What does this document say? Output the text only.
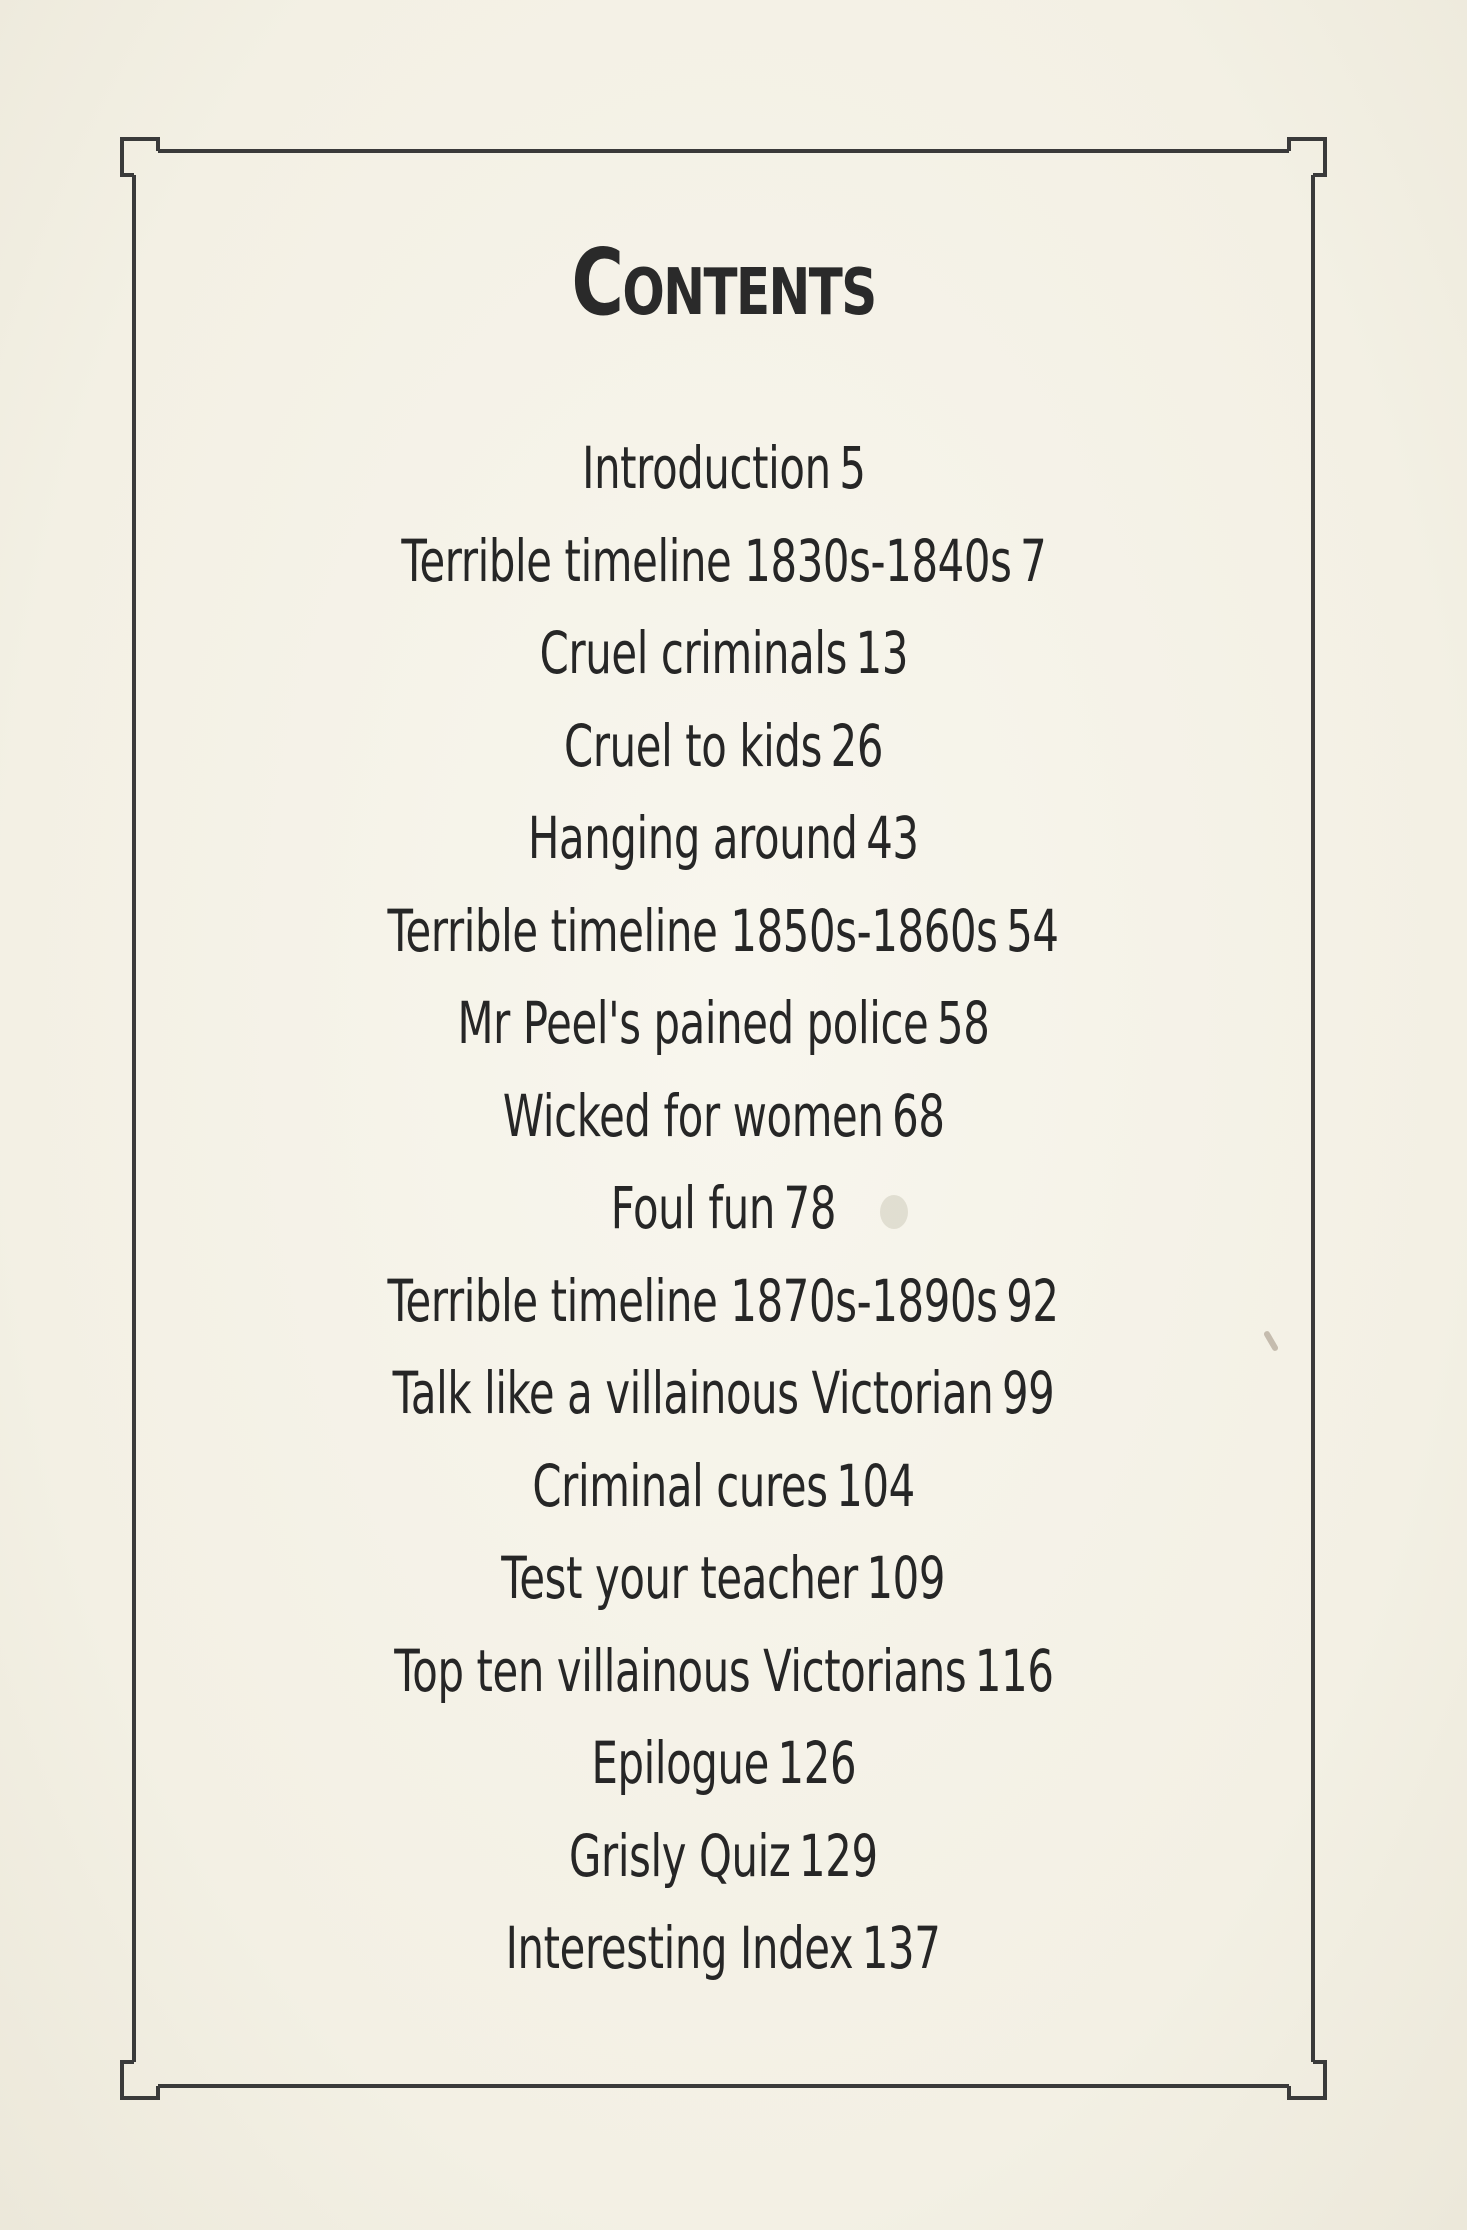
Contents
Introduction 5
Terrible timeline 1830s-1840s 7
Cruel criminals 13
Cruel to kids 26
Hanging around 43
Terrible timeline 1850s-1860s 54
Mr Peel's pained police 58
Wicked for women 68
Foul fun 78
Terrible timeline 1870s-1890s 92
Talk like a villainous Victorian 99
Criminal cures 104
Test your teacher 109
Top ten villainous Victorians 116
Epilogue 126
Grisly Quiz 129
Interesting Index 137
